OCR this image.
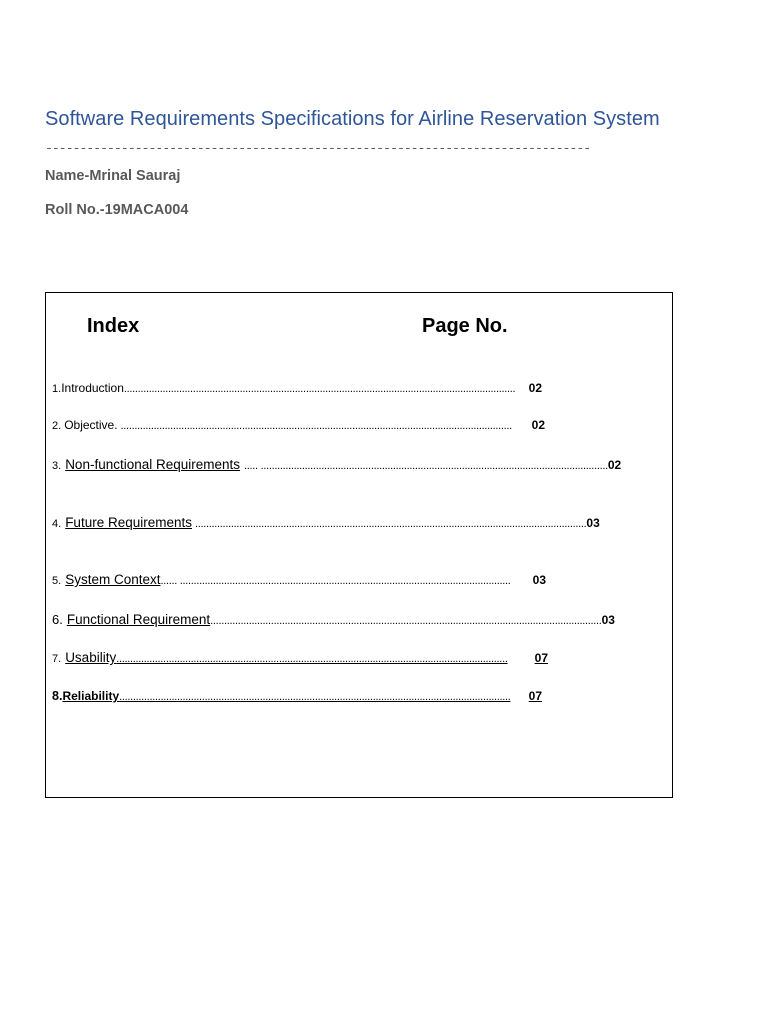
Software Requirements Specifications for Airline Reservation System
-------------------------------------------------------------------------------
Name-Mrinal Sauraj
Roll No.-19MACA004
Index	Page No.
1. Introduction ..............................................................................................................................................	02
2. Objective. ..............................................................................................................................................	02
3. Non-functional Requirements ..... .............................................................................................................................. 02
4. Future Requirements .............................................................................................................................................. 03
5. System Context ...... ........................................................................................................................	03
6. Functional Requirement .............................................................................................................................................. 03
7. Usability ..............................................................................................................................................	07
8. Reliability ..............................................................................................................................................	07
